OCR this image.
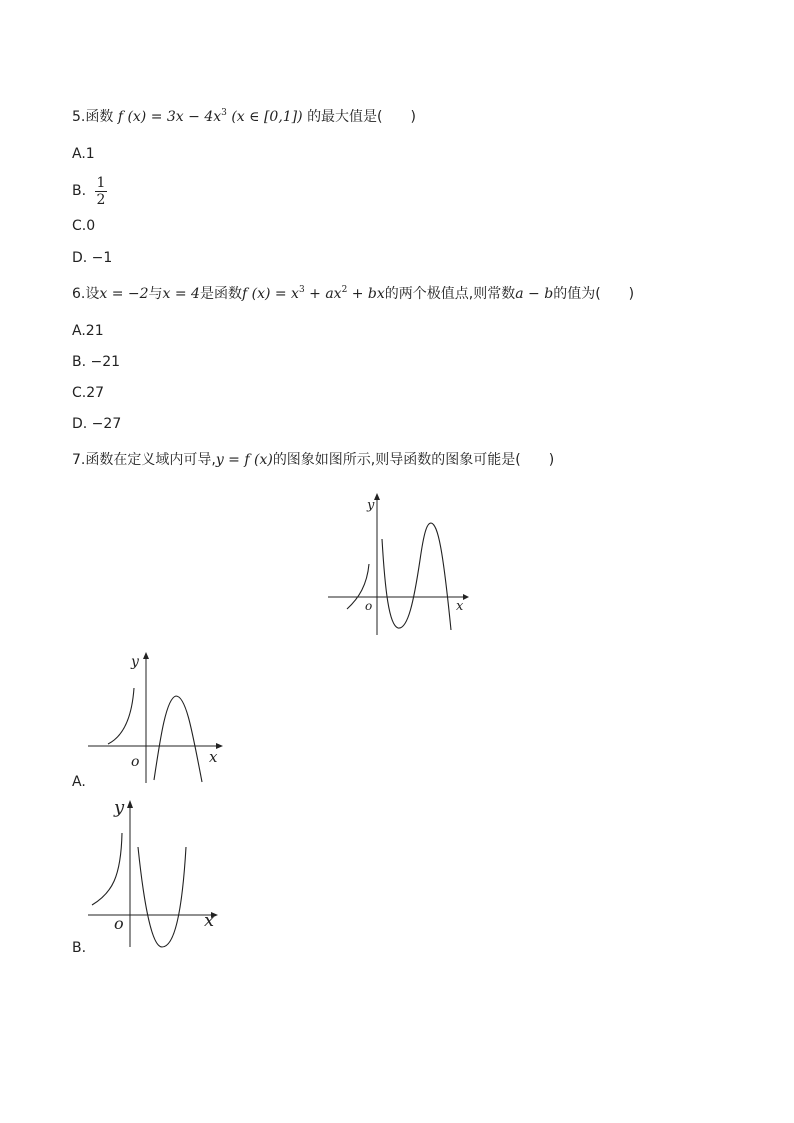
5.函数 f $(x) = 3x - 4x^3$ (x ∈ [0,1]) 的最大值是(　　)
A.1
B. $\frac{1}{2}$
C.0
D. −1
6.设x = −2与x = 4是函数f $(x) = x^3 + ax^2$ + bx的两个极值点,则常数a − b的值为(　　)
A.21
B. −21
C.27
D. −27
7.函数在定义域内可导,y = f (x)的图象如图所示,则导函数的图象可能是(　　)
y
o	x
A.
y
o	x
B.
y
o	x
